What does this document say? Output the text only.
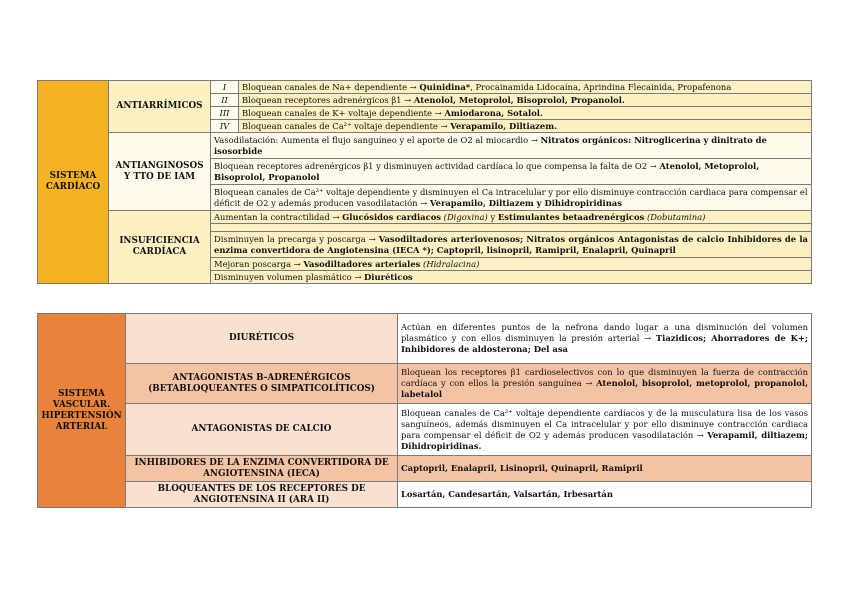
SISTEMA CARDÍACO	ANTIARRÍMICOS	I	Bloquean canales de Na+ dependiente → Quinidina*, Procainamida Lidocaína, Aprindina Flecainida, Propafenona
		II	Bloquean receptores adrenérgicos β1 → Atenolol, Metoprolol, Bisoprolol, Propanolol.
		III	Bloquean canales de K+ voltaje dependiente → Amiodarona, Sotalol.
		IV	Bloquean canales de Ca²⁺ voltaje dependiente → Verapamilo, Diltiazem.
	ANTIANGINOSOS Y TTO DE IAM	Vasodilatación: Aumenta el flujo sanguíneo y el aporte de O2 al miocardio → Nitratos orgánicos: Nitroglicerina y dinitrato de isosorbide	
		Bloquean receptores adrenérgicos β1 y disminuyen actividad cardíaca lo que compensa la falta de O2 → Atenolol, Metoprolol, Bisoprolol, Propanolol	
		Bloquean canales de Ca²⁺ voltaje dependiente y disminuyen el Ca intracelular y por ello disminuye contracción cardiaca para compensar el déficit de O2 y además producen vasodilatación → Verapamilo, Diltiazem y Dihidropiridinas	
	INSUFICIENCIA CARDÍACA	Aumentan la contractilidad → Glucósidos cardiacos (Digoxina) y Estimulantes betaadrenérgicos (Dobutamina)	

		Disminuyen la precarga y poscarga → Vasodiltadores arteriovenosos; Nitratos orgánicos Antagonistas de calcio Inhibidores de la enzima convertidora de Angiotensina (IECA *); Captopril, lisinopril, Ramipril, Enalapril, Quinapril	
		Mejoran poscarga → Vasodiltadores arteriales (Hidralacina)	
		Disminuyen volumen plasmático → Diuréticos	
SISTEMA VASCULAR. HIPERTENSIÓN ARTERIAL	DIURÉTICOS	Actúan en diferentes puntos de la nefrona dando lugar a una disminución del volumen plasmático y con ellos disminuyen la presión arterial → Tiazidicos; Ahorradores de K+; Inhibidores de aldosterona; Del asa
	ANTAGONISTAS B-ADRENÉRGICOS (BETABLOQUEANTES O SIMPATICOLÍTICOS)	Bloquean los receptores β1 cardioselectivos con lo que disminuyen la fuerza de contracción cardíaca y con ellos la presión sanguínea → Atenolol, bisoprolol, metoprolol, propanolol, labetalol
	ANTAGONISTAS DE CALCIO	Bloquean canales de Ca²⁺ voltaje dependiente cardíacos y de la musculatura lisa de los vasos sanguíneos, además disminuyen el Ca intracelular y por ello disminuye contracción cardiaca para compensar el déficit de O2 y además producen vasodilatación → Verapamil, diltiazem; Dihidropiridinas.
	INHIBIDORES DE LA ENZIMA CONVERTIDORA DE ANGIOTENSINA (IECA)	Captopril, Enalapril, Lisinopril, Quinapril, Ramipril
	BLOQUEANTES DE LOS RECEPTORES DE ANGIOTENSINA II (ARA II)	Losartán, Candesartán, Valsartán, Irbesartán
